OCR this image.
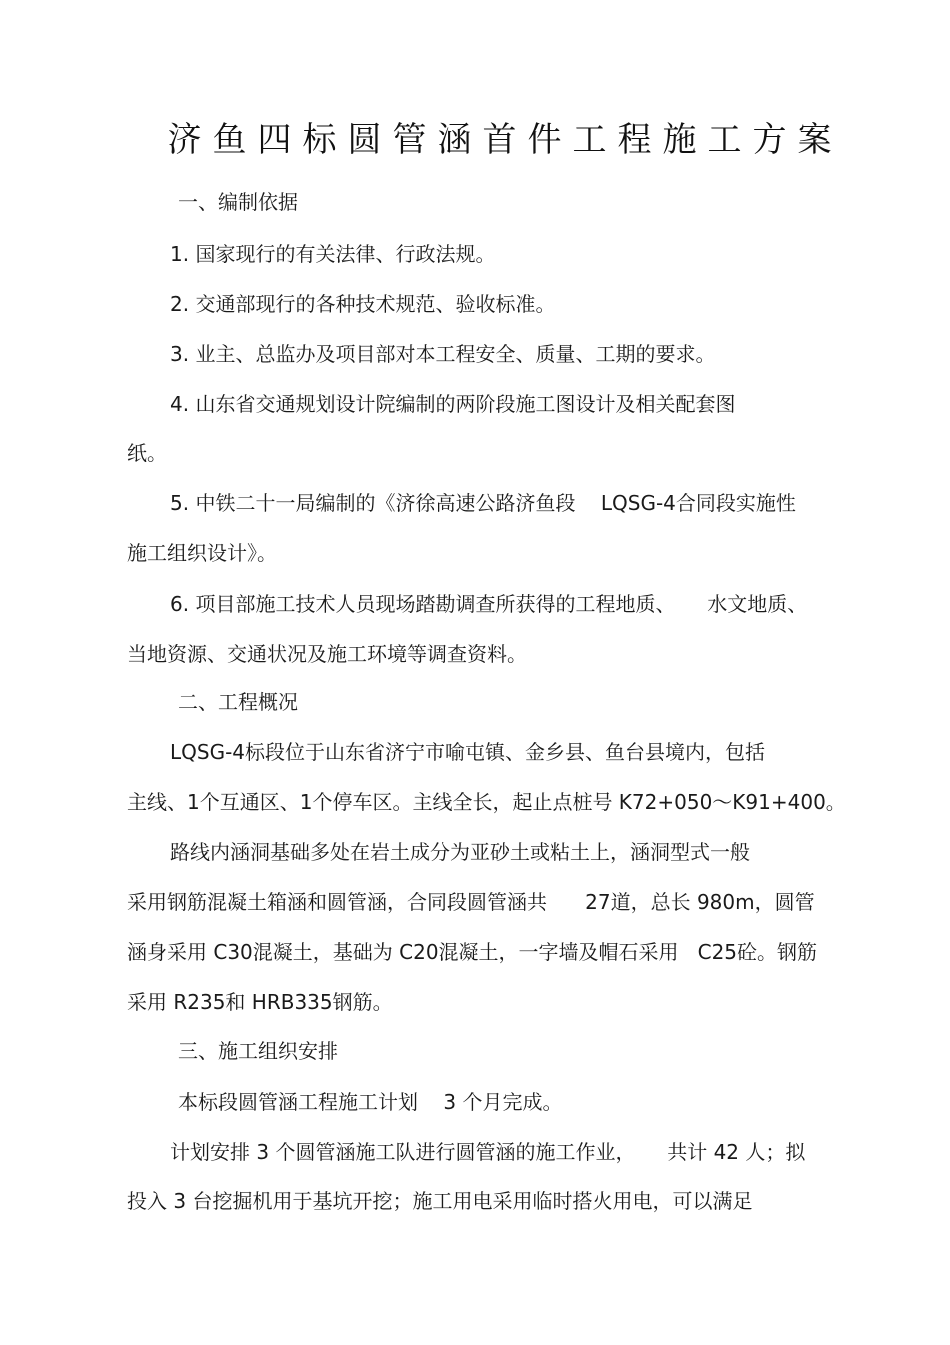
济鱼四标圆管涵首件工程施工方案
一、编制依据
1. 国家现行的有关法律、行政法规。
2. 交通部现行的各种技术规范、验收标准。
3. 业主、总监办及项目部对本工程安全、质量、工期的要求。
4. 山东省交通规划设计院编制的两阶段施工图设计及相关配套图
纸。
5. 中铁二十一局编制的《济徐高速公路济鱼段    LQSG-4合同段实施性
施工组织设计》。
6. 项目部施工技术人员现场踏勘调查所获得的工程地质、     水文地质、
当地资源、交通状况及施工环境等调查资料。
二、工程概况
LQSG-4标段位于山东省济宁市喻屯镇、金乡县、鱼台县境内，包括
主线、1个互通区、1个停车区。主线全长，起止点桩号 K72+050～K91+400。
路线内涵洞基础多处在岩土成分为亚砂土或粘土上，涵洞型式一般
采用钢筋混凝土箱涵和圆管涵，合同段圆管涵共      27道，总长 980m，圆管
涵身采用 C30混凝土，基础为 C20混凝土，一字墙及帽石采用   C25砼。钢筋
采用 R235和 HRB335钢筋。
三、施工组织安排
本标段圆管涵工程施工计划    3 个月完成。
计划安排 3 个圆管涵施工队进行圆管涵的施工作业，     共计 42 人；拟
投入 3 台挖掘机用于基坑开挖；施工用电采用临时搭火用电，可以满足
